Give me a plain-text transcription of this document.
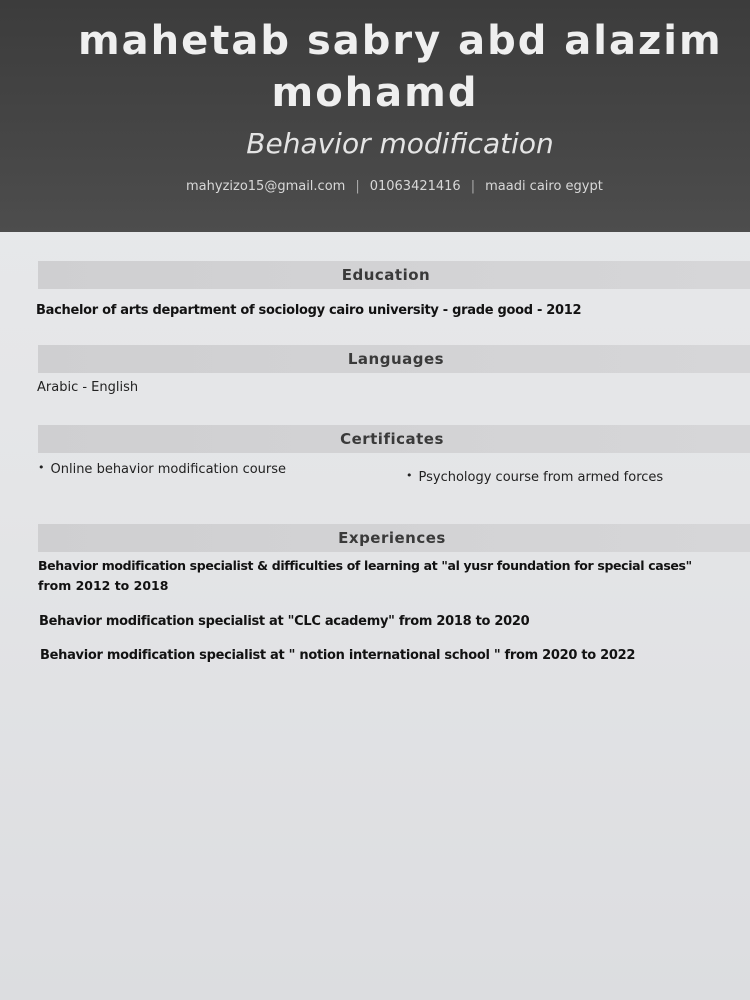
mahetab sabry abd alazim
mohamd
Behavior modification
mahyzizo15@gmail.com | 01063421416 | maadi cairo egypt
Education
Bachelor of arts department of sociology cairo university - grade good - 2012
Languages
Arabic - English
Certificates
• Online behavior modification course
• Psychology course from armed forces
Experiences
Behavior modification specialist & difficulties of learning at "al yusr foundation for special cases"
from 2012 to 2018
Behavior modification specialist at "CLC academy" from 2018 to 2020
Behavior modification specialist at " notion international school " from 2020 to 2022
